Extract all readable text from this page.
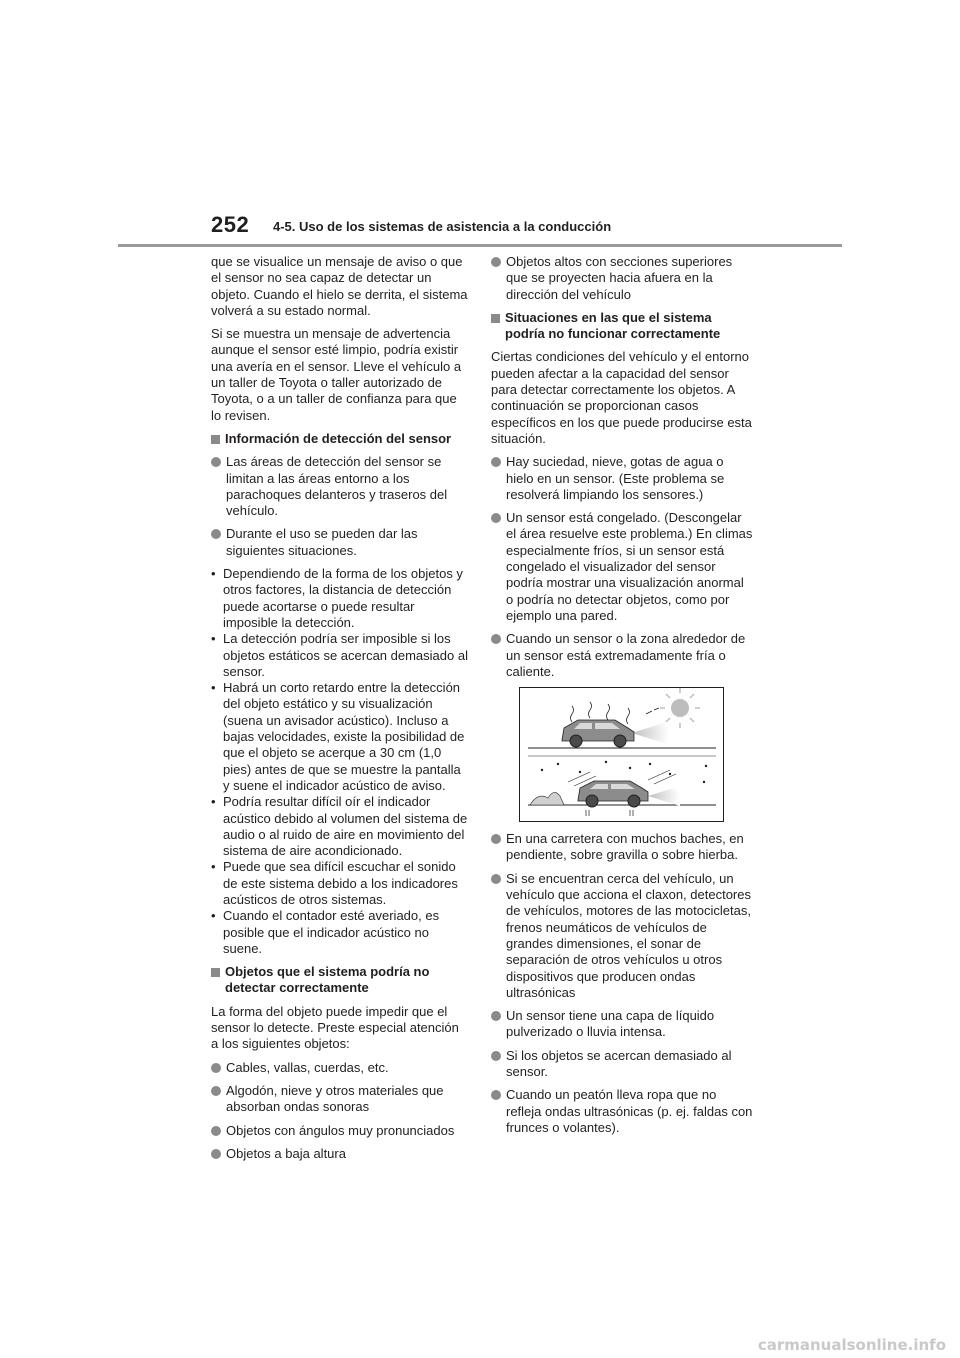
252 4-5. Uso de los sistemas de asistencia a la conducción

que se visualice un mensaje de aviso o que el sensor no sea capaz de detectar un objeto. Cuando el hielo se derrita, el sistema volverá a su estado normal.

Si se muestra un mensaje de advertencia aunque el sensor esté limpio, podría existir una avería en el sensor. Lleve el vehículo a un taller de Toyota o taller autorizado de Toyota, o a un taller de confianza para que lo revisen.

Información de detección del sensor
Las áreas de detección del sensor se limitan a las áreas entorno a los parachoques delanteros y traseros del vehículo.
Durante el uso se pueden dar las siguientes situaciones.
• Dependiendo de la forma de los objetos y otros factores, la distancia de detección puede acortarse o puede resultar imposible la detección.
• La detección podría ser imposible si los objetos estáticos se acercan demasiado al sensor.
• Habrá un corto retardo entre la detección del objeto estático y su visualización (suena un avisador acústico). Incluso a bajas velocidades, existe la posibilidad de que el objeto se acerque a 30 cm (1,0 pies) antes de que se muestre la pantalla y suene el indicador acústico de aviso.
• Podría resultar difícil oír el indicador acústico debido al volumen del sistema de audio o al ruido de aire en movimiento del sistema de aire acondicionado.
• Puede que sea difícil escuchar el sonido de este sistema debido a los indicadores acústicos de otros sistemas.
• Cuando el contador esté averiado, es posible que el indicador acústico no suene.
Objetos que el sistema podría no detectar correctamente

La forma del objeto puede impedir que el sensor lo detecte. Preste especial atención a los siguientes objetos:

Cables, vallas, cuerdas, etc.
Algodón, nieve y otros materiales que absorban ondas sonoras
Objetos con ángulos muy pronunciados
Objetos a baja altura
Objetos altos con secciones superiores que se proyecten hacia afuera en la dirección del vehículo
Situaciones en las que el sistema podría no funcionar correctamente

Ciertas condiciones del vehículo y el entorno pueden afectar a la capacidad del sensor para detectar correctamente los objetos. A continuación se proporcionan casos específicos en los que puede producirse esta situación.

Hay suciedad, nieve, gotas de agua o hielo en un sensor. (Este problema se resolverá limpiando los sensores.)
Un sensor está congelado. (Descongelar el área resuelve este problema.) En climas especialmente fríos, si un sensor está congelado el visualizador del sensor podría mostrar una visualización anormal o podría no detectar objetos, como por ejemplo una pared.
Cuando un sensor o la zona alrededor de un sensor está extremadamente fría o caliente.
En una carretera con muchos baches, en pendiente, sobre gravilla o sobre hierba.
Si se encuentran cerca del vehículo, un vehículo que acciona el claxon, detectores de vehículos, motores de las motocicletas, frenos neumáticos de vehículos de grandes dimensiones, el sonar de separación de otros vehículos u otros dispositivos que producen ondas ultrasónicas
Un sensor tiene una capa de líquido pulverizado o lluvia intensa.
Si los objetos se acercan demasiado al sensor.
Cuando un peatón lleva ropa que no refleja ondas ultrasónicas (p. ej. faldas con frunces o volantes).
carmanualsonline.info
